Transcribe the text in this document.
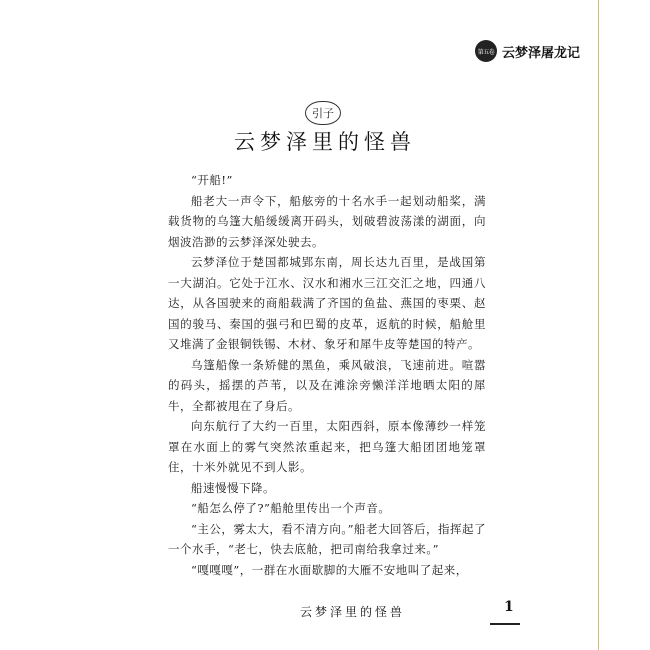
第五卷 云梦泽屠龙记
引子
云梦泽里的怪兽

“开船!”

船老大一声令下，船舷旁的十名水手一起划动船桨，满载货物的乌篷大船缓缓离开码头，划破碧波荡漾的湖面，向烟波浩渺的云梦泽深处驶去。

云梦泽位于楚国都城郢东南，周长达九百里，是战国第一大湖泊。它处于江水、汉水和湘水三江交汇之地，四通八达，从各国驶来的商船载满了齐国的鱼盐、燕国的枣栗、赵国的骏马、秦国的强弓和巴蜀的皮革，返航的时候，船舱里又堆满了金银铜铁锡、木材、象牙和犀牛皮等楚国的特产。

乌篷船像一条矫健的黑鱼，乘风破浪，飞速前进。喧嚣的码头，摇摆的芦苇，以及在滩涂旁懒洋洋地晒太阳的犀牛，全都被甩在了身后。

向东航行了大约一百里，太阳西斜，原本像薄纱一样笼罩在水面上的雾气突然浓重起来，把乌篷大船团团地笼罩住，十米外就见不到人影。

船速慢慢下降。

“船怎么停了?”船舱里传出一个声音。

“主公，雾太大，看不清方向。”船老大回答后，指挥起了一个水手，“老七，快去底舱，把司南给我拿过来。”

“嘎嘎嘎”，一群在水面歇脚的大雁不安地叫了起来，

云梦泽里的怪兽	1
